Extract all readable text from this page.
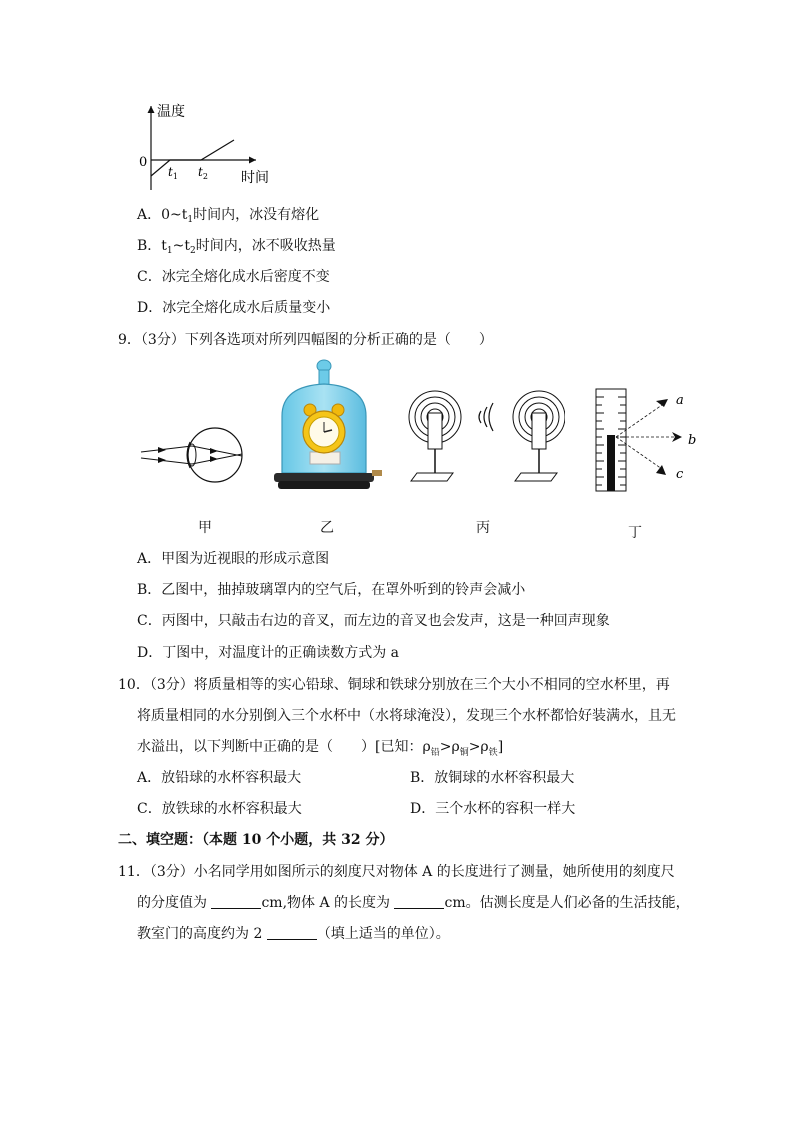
温度
0
$t_1$ $t_2$ 时间
A．$0\sim t_1$时间内，冰没有熔化
B．$t_1\sim t_2$时间内，冰不吸收热量
C．冰完全熔化成水后密度不变
D．冰完全熔化成水后质量变小
9．（3分）下列各选项对所列四幅图的分析正确的是（　　）
a
b
c
甲	乙	丙	丁
A．甲图为近视眼的形成示意图
B．乙图中，抽掉玻璃罩内的空气后，在罩外听到的铃声会减小
C．丙图中，只敲击右边的音叉，而左边的音叉也会发声，这是一种回声现象
D．丁图中，对温度计的正确读数方式为 a
10．（3分）将质量相等的实心铅球、铜球和铁球分别放在三个大小不相同的空水杯里，再
将质量相同的水分别倒入三个水杯中（水将球淹没），发现三个水杯都恰好装满水，且无
水溢出，以下判断中正确的是（　　）[已知：$\rho_铅>\rho_铜>\rho_铁$]
A．放铅球的水杯容积最大	B．放铜球的水杯容积最大
C．放铁球的水杯容积最大	D．三个水杯的容积一样大
二、填空题：（本题 10 个小题，共 32 分）
11．（3分）小名同学用如图所示的刻度尺对物体 A 的长度进行了测量，她所使用的刻度尺
的分度值为	cm,物体 A 的长度为	cm。估测长度是人们必备的生活技能，
教室门的高度约为 2	（填上适当的单位）。
